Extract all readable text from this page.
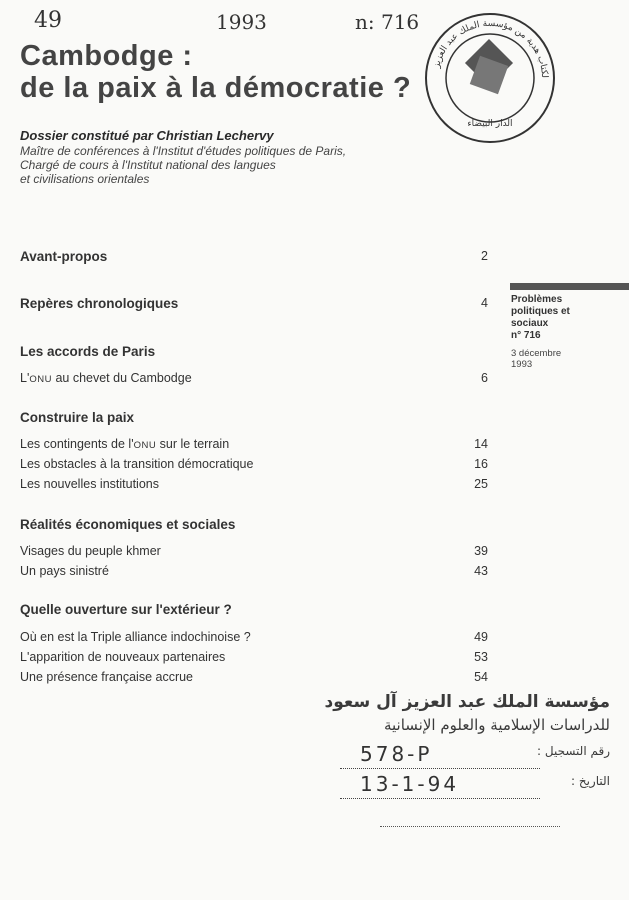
49	1993	n: 716
لكتاب هدية من مؤسسة الملك عبد العزيز
الدار البيضاء
Cambodge :
de la paix à la démocratie ?
Dossier constitué par Christian Lechervy
Maître de conférences à l'Institut d'études politiques de Paris,
Chargé de cours à l'Institut national des langues
et civilisations orientales
Avant-propos	2
Repères chronologiques	4
Les accords de Paris
L'ONU au chevet du Cambodge	6
Construire la paix
Les contingents de l'ONU sur le terrain	14
Les obstacles à la transition démocratique	16
Les nouvelles institutions	25
Réalités économiques et sociales
Visages du peuple khmer	39
Un pays sinistré	43
Quelle ouverture sur l'extérieur ?
Où en est la Triple alliance indochinoise ?	49
L'apparition de nouveaux partenaires	53
Une présence française accrue	54
Problèmes
politiques et
sociaux
n° 716
3 décembre
1993
مؤسسة الملك عبد العزيز آل سعود
للدراسات الإسلامية والعلوم الإنسانية
رقم التسجيل :
578-P
التاريخ :
13-1-94
